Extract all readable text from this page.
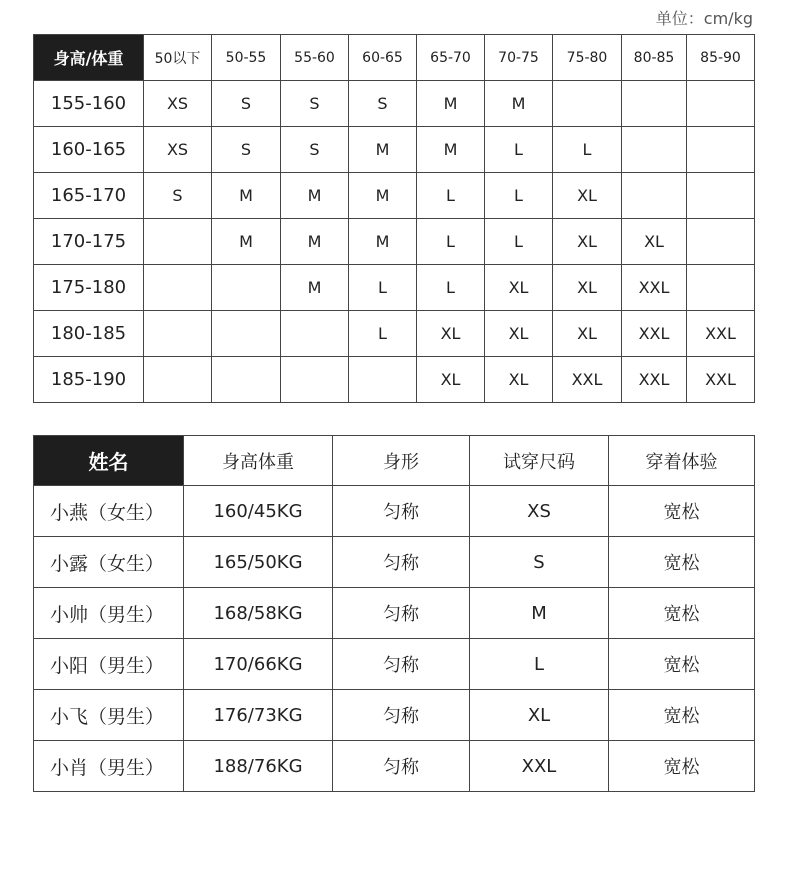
单位：cm/kg
身高/体重	50以下	50-55	55-60	60-65	65-70	70-75	75-80	80-85	85-90
155-160	XS	S	S	S	M	M			
160-165	XS	S	S	M	M	L	L		
165-170	S	M	M	M	L	L	XL		
170-175		M	M	M	L	L	XL	XL	
175-180			M	L	L	XL	XL	XXL	
180-185				L	XL	XL	XL	XXL	XXL
185-190					XL	XL	XXL	XXL	XXL
姓名	身高体重	身形	试穿尺码	穿着体验
小燕（女生）	160/45KG	匀称	XS	宽松
小露（女生）	165/50KG	匀称	S	宽松
小帅（男生）	168/58KG	匀称	M	宽松
小阳（男生）	170/66KG	匀称	L	宽松
小飞（男生）	176/73KG	匀称	XL	宽松
小肖（男生）	188/76KG	匀称	XXL	宽松
